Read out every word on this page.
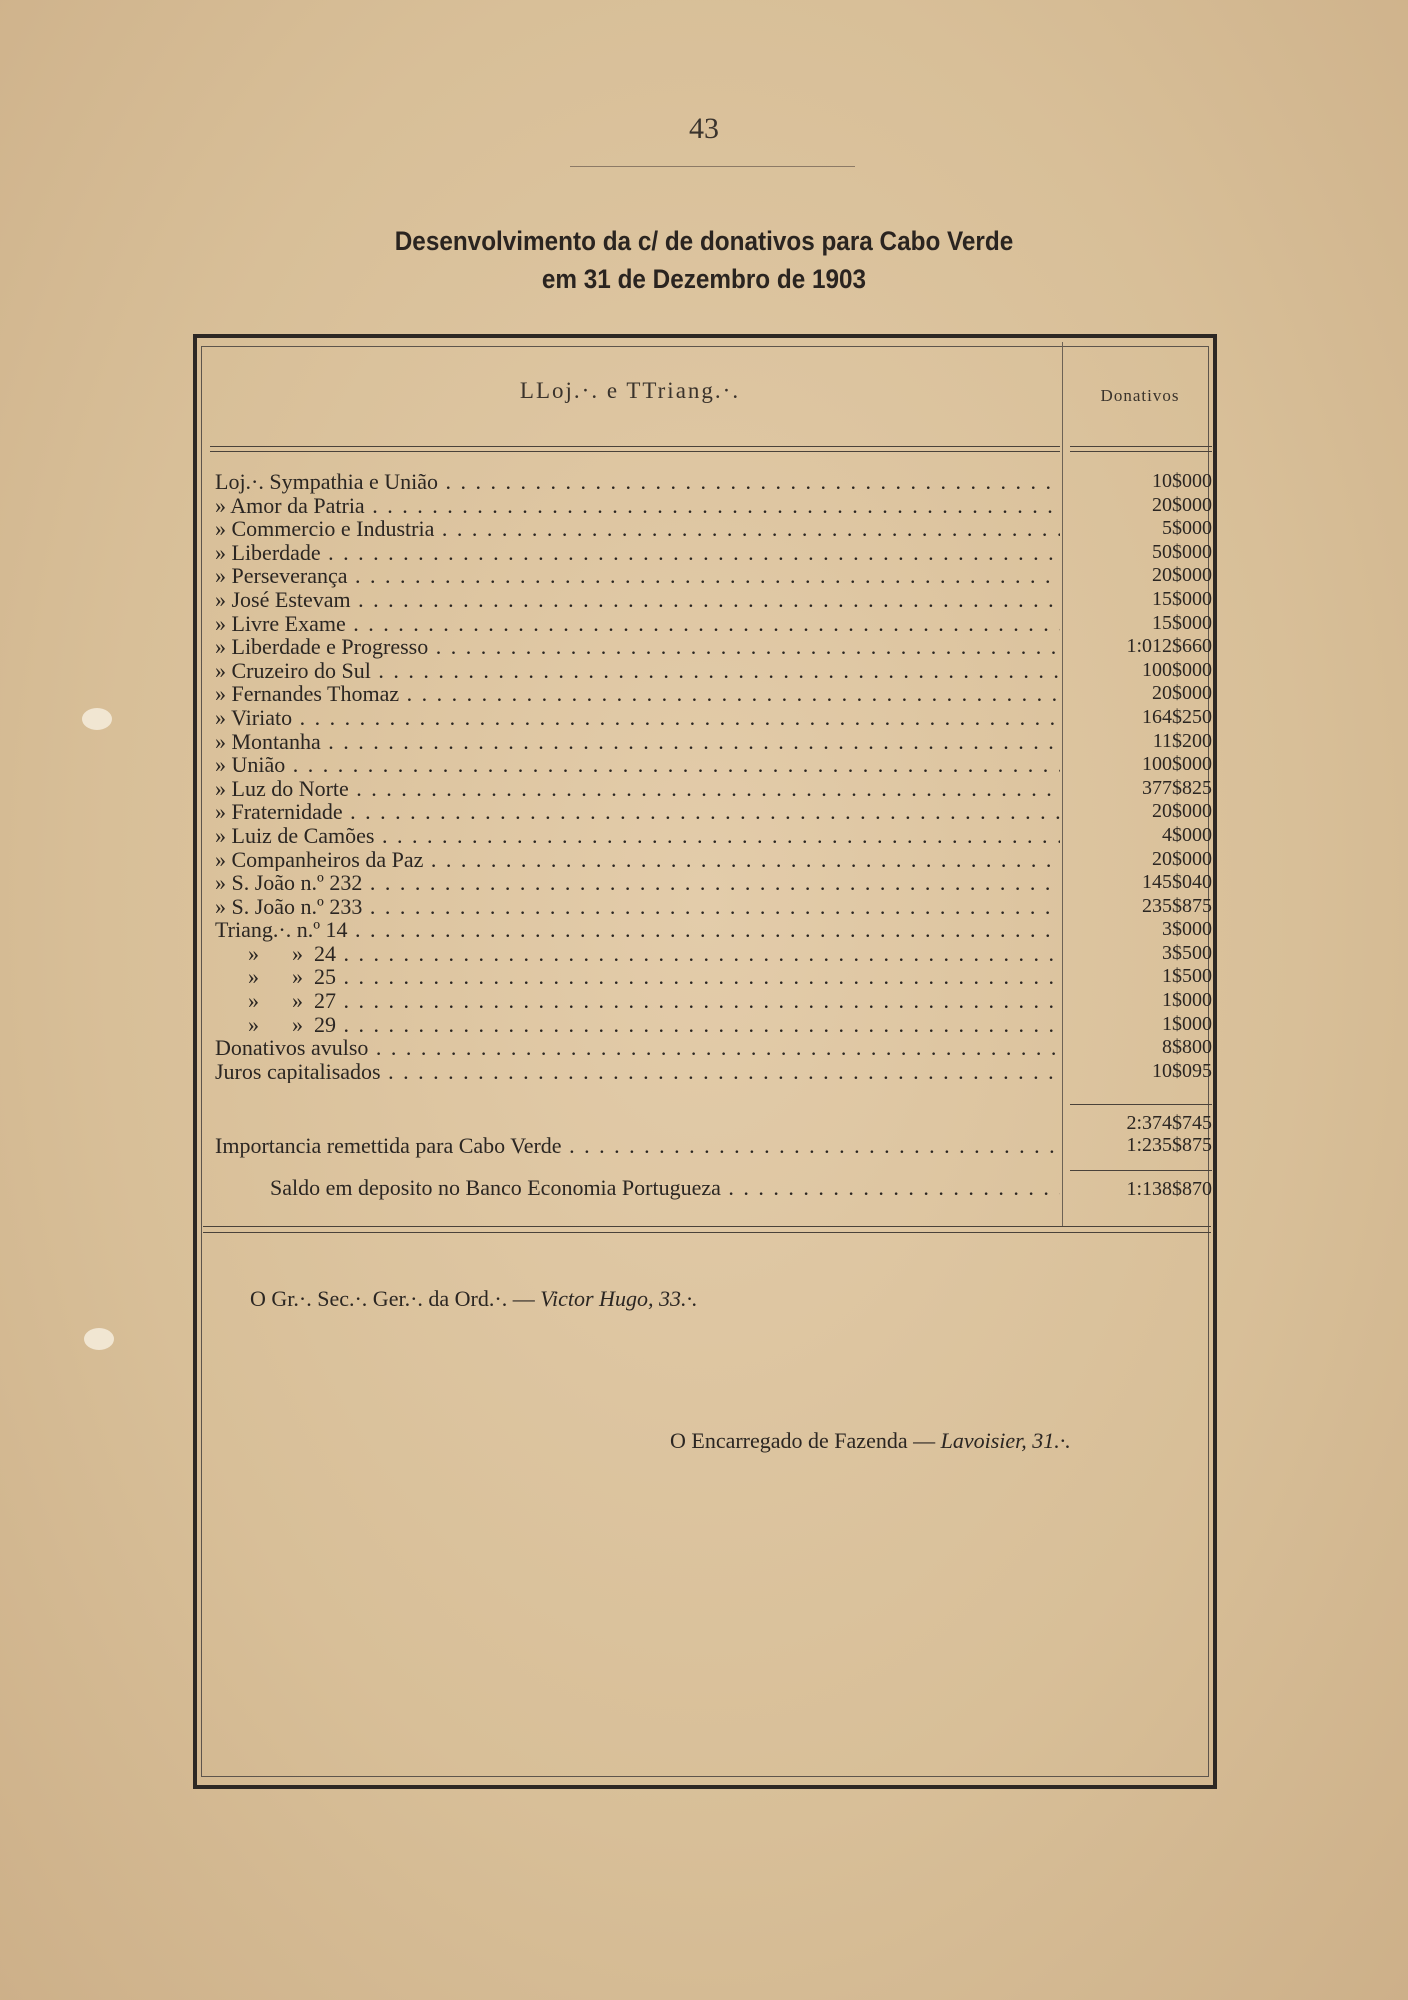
43
Desenvolvimento da c/ de donativos para Cabo Verde
em 31 de Dezembro de 1903
LLoj.·. e TTriang.·.	Donativos
Loj.·. Sympathia e União . . .	10$000
» Amor da Patria . . .	20$000
» Commercio e Industria . . .	5$000
» Liberdade . . .	50$000
» Perseverança . . .	20$000
» José Estevam . . .	15$000
» Livre Exame . . .	15$000
» Liberdade e Progresso . . .	1:012$660
» Cruzeiro do Sul . . .	100$000
» Fernandes Thomaz . . .	20$000
» Viriato . . .	164$250
» Montanha . . .	11$200
» União . . .	100$000
» Luz do Norte . . .	377$825
» Fraternidade . . .	20$000
» Luiz de Camões . . .	4$000
» Companheiros da Paz . . .	20$000
» S. João n.º 232 . . .	145$040
» S. João n.º 233 . . .	235$875
Triang.·. n.º 14 . . .	3$000
»      »  24 . . .	3$500
»      »  25 . . .	1$500
»      »  27 . . .	1$000
»      »  29 . . .	1$000
Donativos avulso . . .	8$800
Juros capitalisados . . .	10$095
2:374$745
Importancia remettida para Cabo Verde . . .	1:235$875
Saldo em deposito no Banco Economia Portugueza . . .	1:138$870
O Gr.·. Sec.·. Ger.·. da Ord.·. — Victor Hugo, 33.·.
O Encarregado de Fazenda — Lavoisier, 31.·.
